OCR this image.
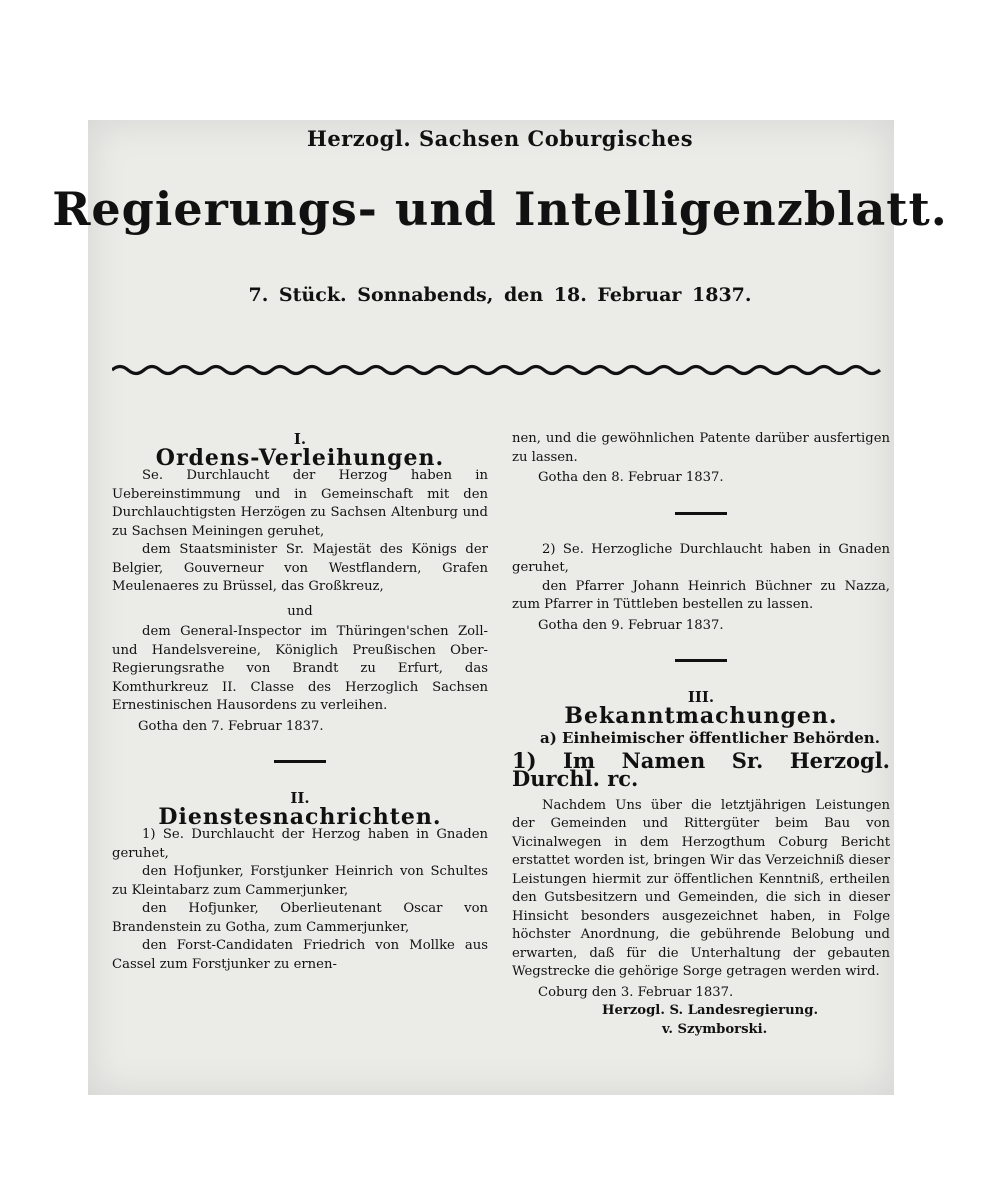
Herzogl. Sachsen Coburgisches
Regierungs- und Intelligenzblatt.
7. Stück. Sonnabends, den 18. Februar 1837.

I.

Ordens-Verleihungen.

Se. Durchlaucht der Herzog haben in Uebereinstimmung und in Gemeinschaft mit den Durchlauchtigsten Herzögen zu Sachsen Altenburg und zu Sachsen Meiningen geruhet,

dem Staatsminister Sr. Majestät des Königs der Belgier, Gouverneur von Westflandern, Grafen Meulenaeres zu Brüssel, das Großkreuz,

und

dem General-Inspector im Thüringen'schen Zoll- und Handelsvereine, Königlich Preußischen Ober-Regierungsrathe von Brandt zu Erfurt, das Komthurkreuz II. Classe des Herzoglich Sachsen Ernestinischen Hausordens zu verleihen.

Gotha den 7. Februar 1837.

II.

Dienstesnachrichten.

1) Se. Durchlaucht der Herzog haben in Gnaden geruhet,

den Hofjunker, Forstjunker Heinrich von Schultes zu Kleintabarz zum Cammerjunker,

den Hofjunker, Oberlieutenant Oscar von Brandenstein zu Gotha, zum Cammerjunker,

den Forst-Candidaten Friedrich von Mollke aus Cassel zum Forstjunker zu ernen-

nen, und die gewöhnlichen Patente darüber ausfertigen zu lassen.

Gotha den 8. Februar 1837.

2) Se. Herzogliche Durchlaucht haben in Gnaden geruhet,

den Pfarrer Johann Heinrich Büchner zu Nazza, zum Pfarrer in Tüttleben bestellen zu lassen.

Gotha den 9. Februar 1837.

III.

Bekanntmachungen.

a) Einheimischer öffentlicher Behörden.

1) Im Namen Sr. Herzogl. Durchl. rc.

Nachdem Uns über die letztjährigen Leistungen der Gemeinden und Rittergüter beim Bau von Vicinalwegen in dem Herzogthum Coburg Bericht erstattet worden ist, bringen Wir das Verzeichniß dieser Leistungen hiermit zur öffentlichen Kenntniß, ertheilen den Gutsbesitzern und Gemeinden, die sich in dieser Hinsicht besonders ausgezeichnet haben, in Folge höchster Anordnung, die gebührende Belobung und erwarten, daß für die Unterhaltung der gebauten Wegstrecke die gehörige Sorge getragen werden wird.

Coburg den 3. Februar 1837.

Herzogl. S. Landesregierung.

v. Szymborski.
